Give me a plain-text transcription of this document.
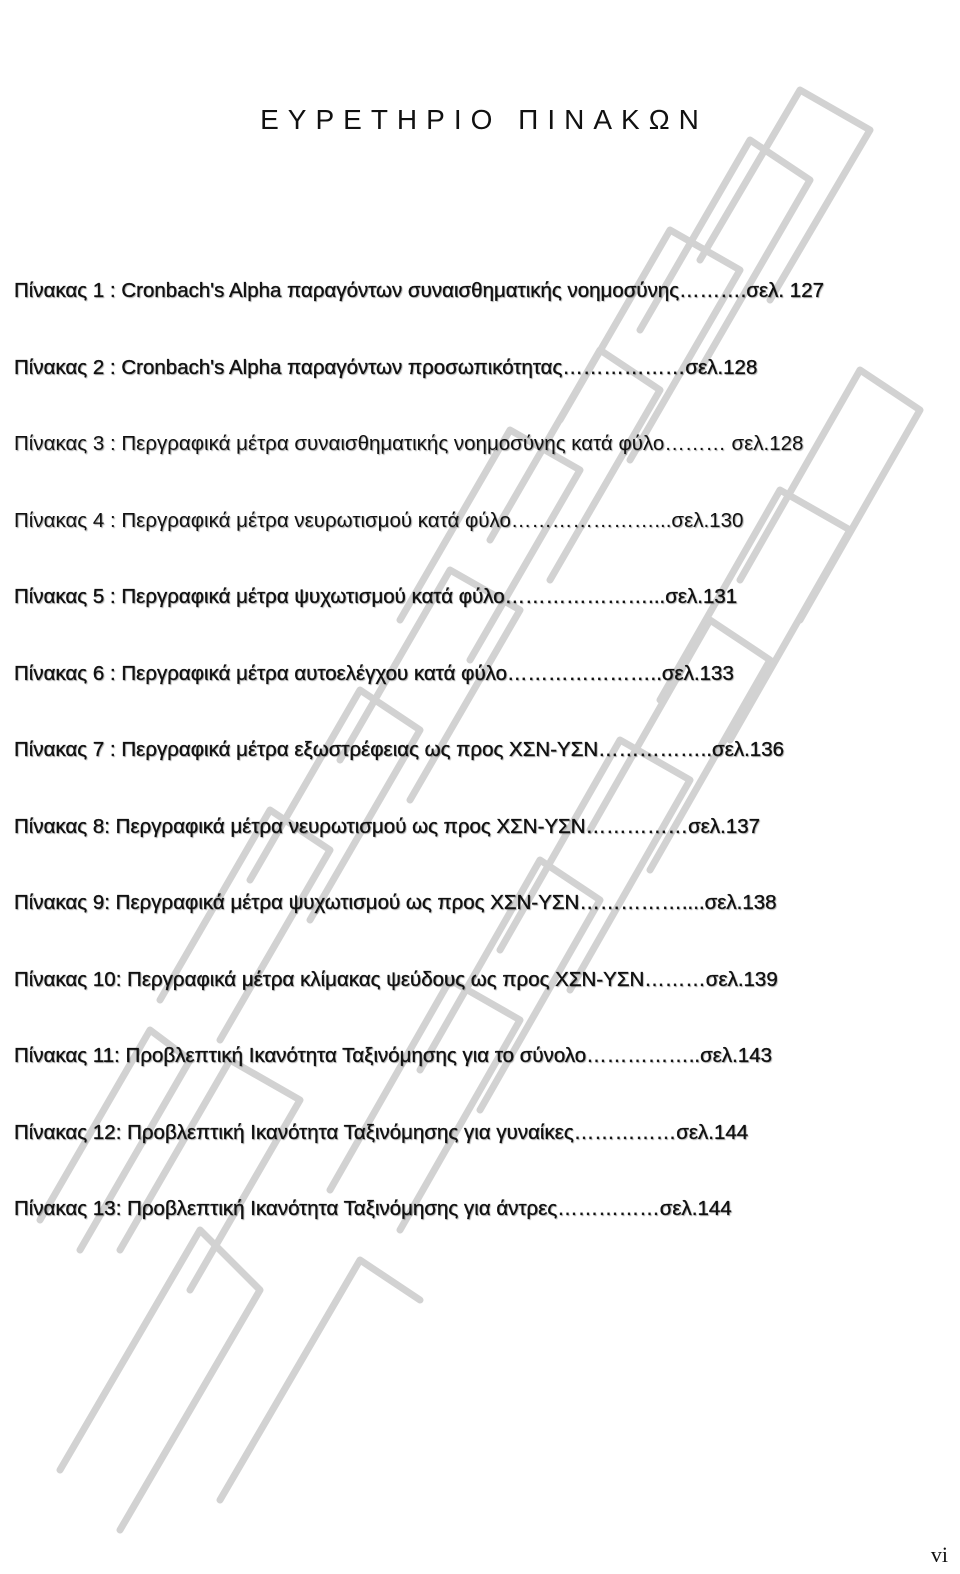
ΕΥΡΕΤΗΡΙΟ ΠΙΝΑΚΩΝ
Πίνακας 1 : Cronbach's Alpha παραγόντων συναισθηματικής νοημοσύνης……….σελ. 127
Πίνακας 2 : Cronbach's Alpha παραγόντων προσωπικότητας………………σελ.128
Πίνακας 3 : Περγραφικά μέτρα συναισθηματικής νοημοσύνης κατά φύλο……… σελ.128
Πίνακας 4 : Περγραφικά μέτρα νευρωτισμού κατά φύλο…………………...σελ.130
Πίνακας 5 : Περγραφικά μέτρα ψυχωτισμού κατά φύλο…………………...σελ.131
Πίνακας 6 : Περγραφικά μέτρα αυτοελέγχου κατά φύλο…………………..σελ.133
Πίνακας 7 : Περγραφικά μέτρα εξωστρέφειας ως προς ΧΣΝ-ΥΣΝ……………..σελ.136
Πίνακας 8: Περγραφικά μέτρα νευρωτισμού ως προς ΧΣΝ-ΥΣΝ……………σελ.137
Πίνακας 9: Περγραφικά μέτρα ψυχωτισμού ως προς ΧΣΝ-ΥΣΝ……………....σελ.138
Πίνακας 10: Περγραφικά μέτρα κλίμακας ψεύδους ως προς ΧΣΝ-ΥΣΝ………σελ.139
Πίνακας 11: Προβλεπτική Ικανότητα Ταξινόμησης για το σύνολο……………..σελ.143
Πίνακας 12: Προβλεπτική Ικανότητα Ταξινόμησης για γυναίκες……………σελ.144
Πίνακας 13: Προβλεπτική Ικανότητα Ταξινόμησης για άντρες……………σελ.144
vi
